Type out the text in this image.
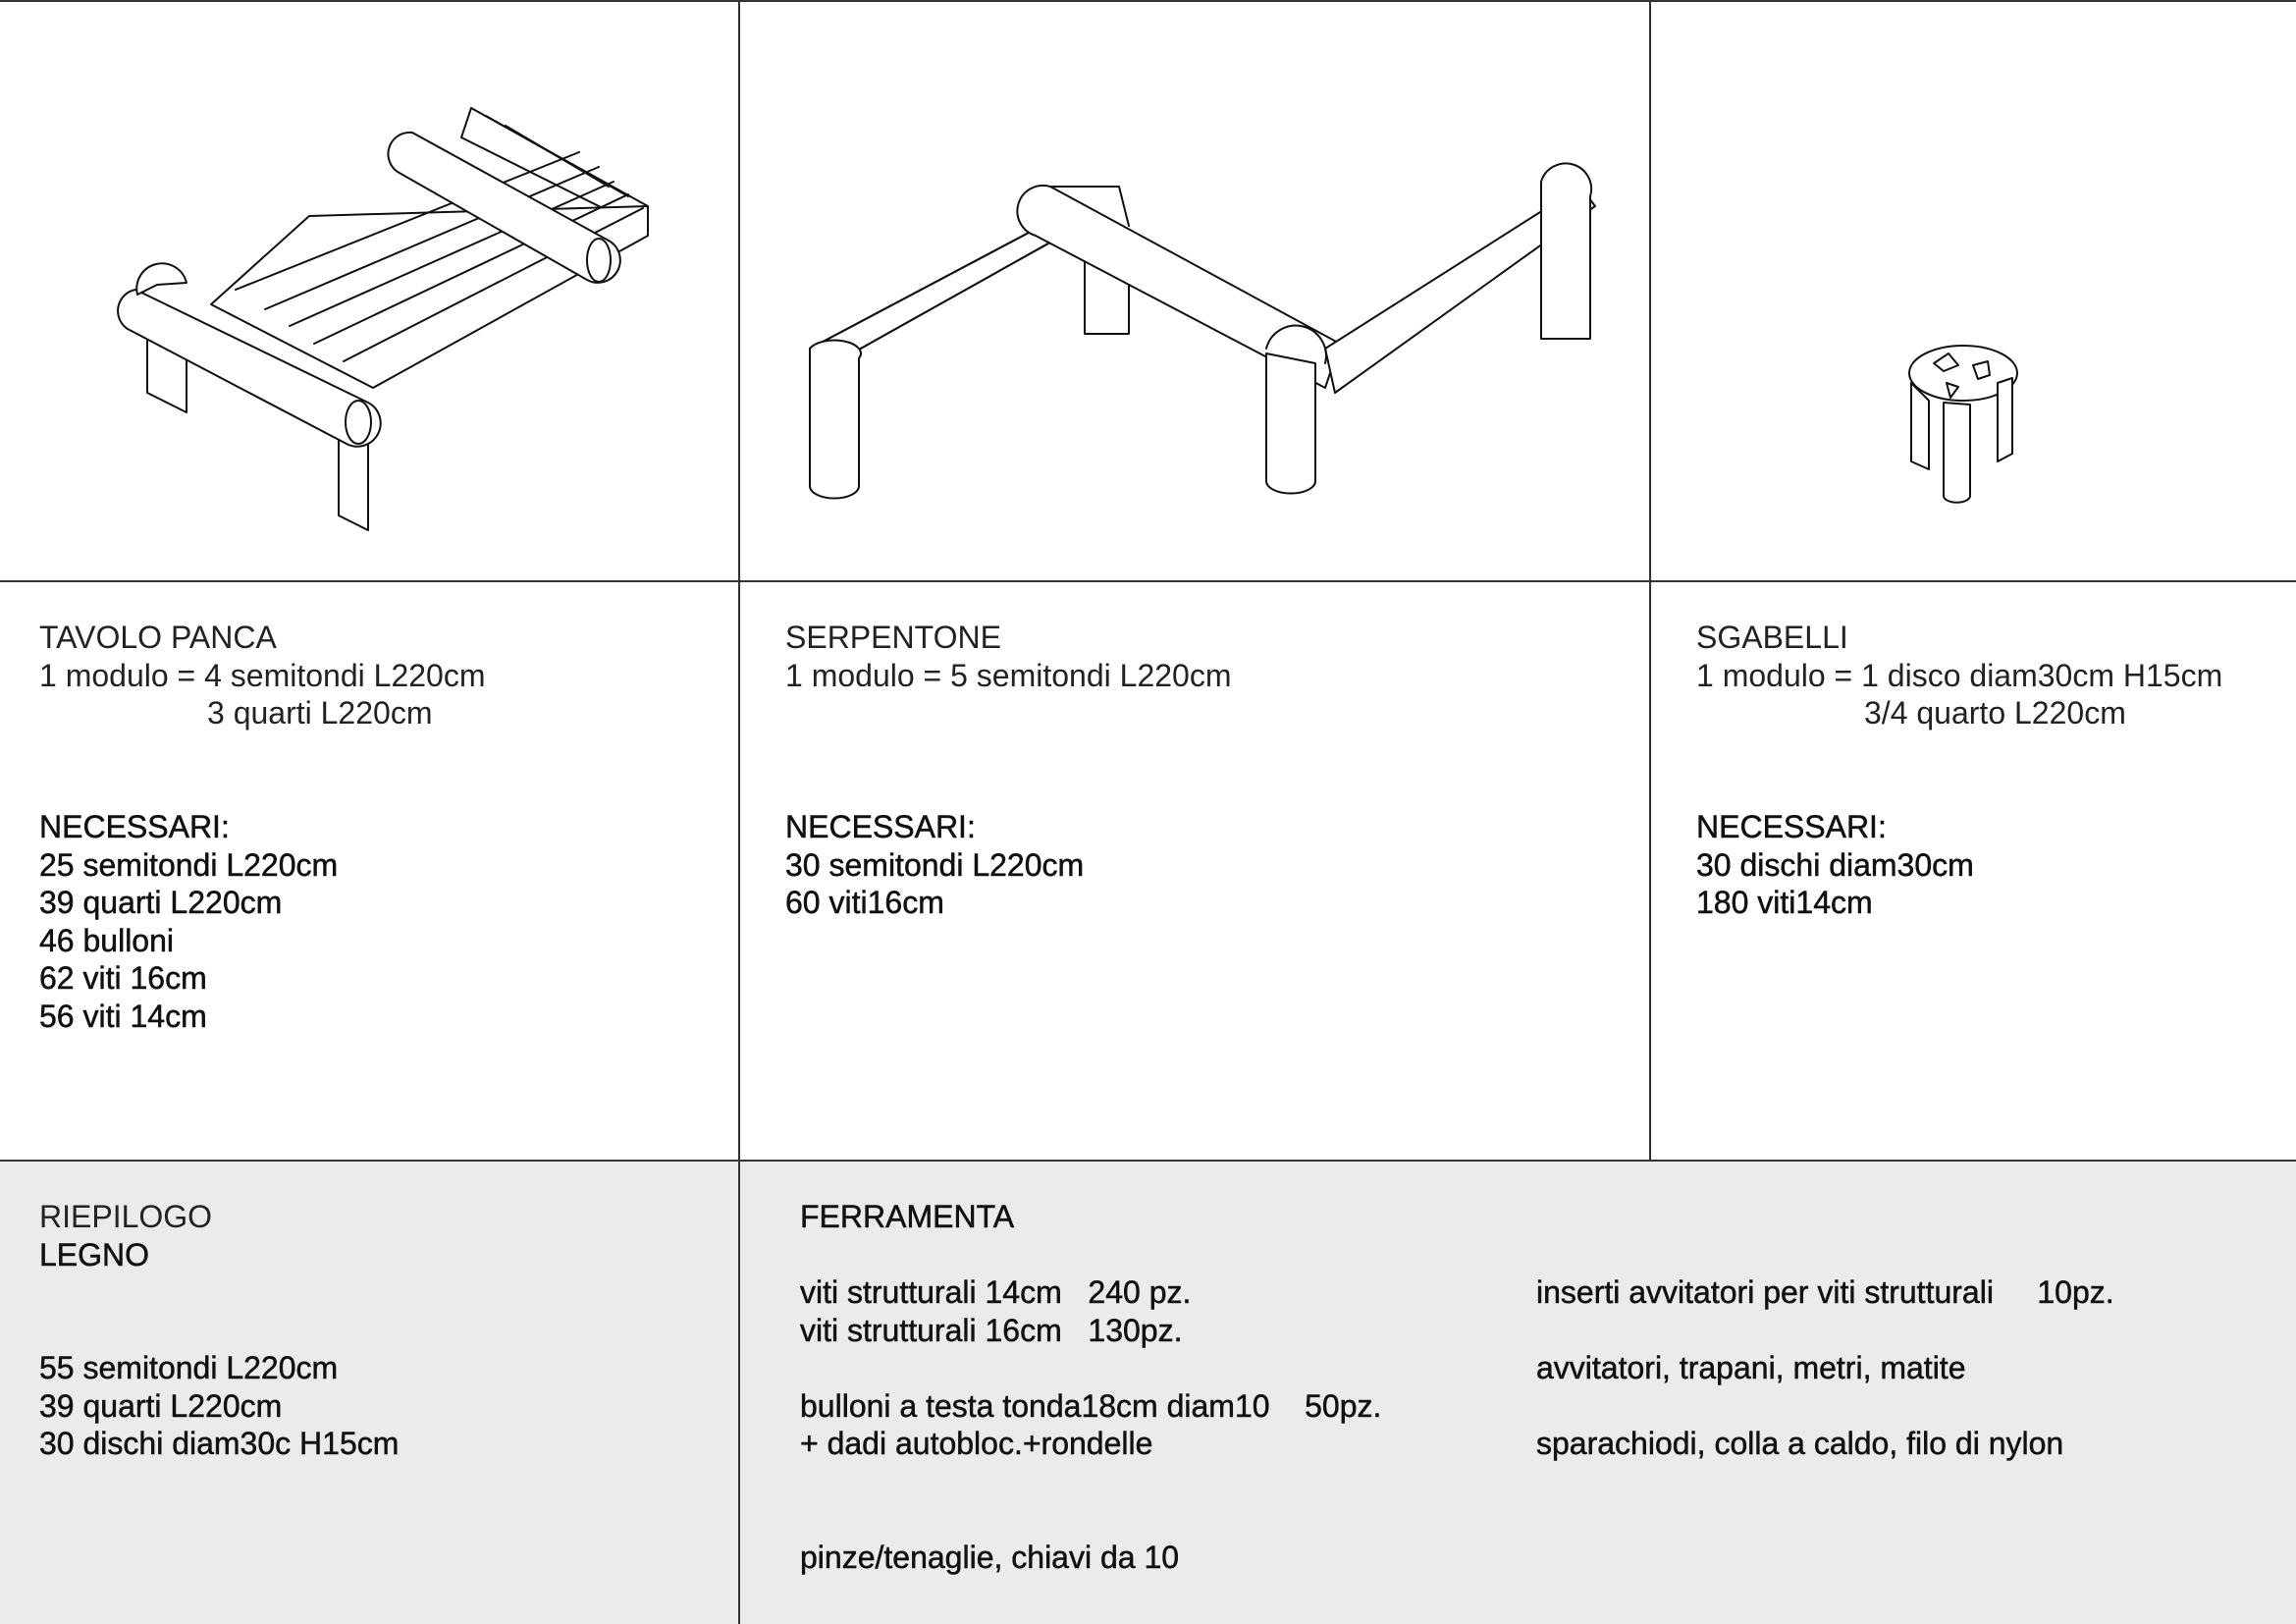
TAVOLO PANCA
1 modulo = 4 semitondi L220cm
3 quarti L220cm
NECESSARI:
25 semitondi L220cm
39 quarti L220cm
46 bulloni
62 viti 16cm
56 viti 14cm
SERPENTONE
1 modulo = 5 semitondi L220cm
NECESSARI:
30 semitondi L220cm
60 viti16cm
SGABELLI
1 modulo = 1 disco diam30cm H15cm
3/4 quarto L220cm
NECESSARI:
30 dischi diam30cm
180 viti14cm
RIEPILOGO
LEGNO
55 semitondi L220cm
39 quarti L220cm
30 dischi diam30c H15cm
FERRAMENTA
viti strutturali 14cm   240 pz.
viti strutturali 16cm   130pz.
bulloni a testa tonda18cm diam10    50pz.
+ dadi autobloc.+rondelle
pinze/tenaglie, chiavi da 10
inserti avvitatori per viti strutturali     10pz.
avvitatori, trapani, metri, matite
sparachiodi, colla a caldo, filo di nylon
